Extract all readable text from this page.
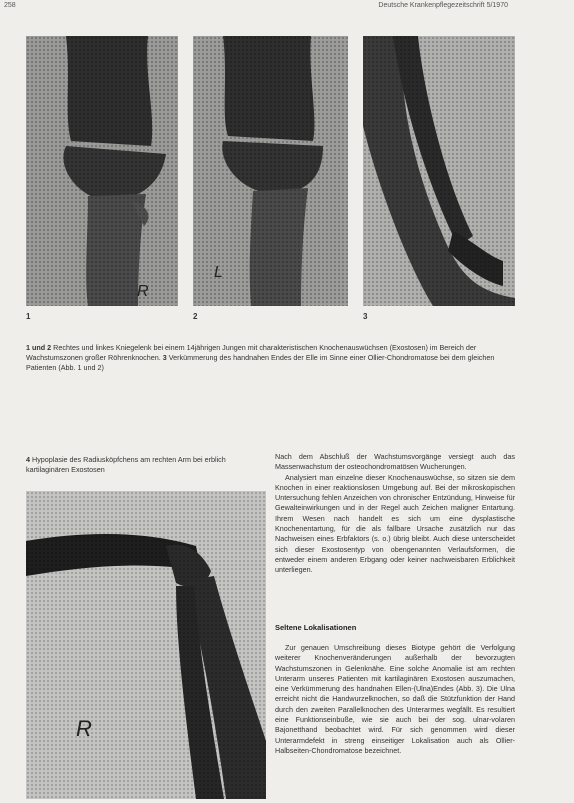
258	Deutsche Krankenpflegezeitschrift 5/1970
R
L
1	2	3
1 und 2 Rechtes und linkes Kniegelenk bei einem 14jährigen Jungen mit charakteristischen Knochenauswüchsen (Exostosen) im Bereich der Wachstumszonen großer Röhrenknochen. 3 Verkümmerung des handnahen Endes der Elle im Sinne einer Ollier-Chondromatose bei dem gleichen Patienten (Abb. 1 und 2)
4 Hypoplasie des Radiusköpfchens am rechten Arm bei erblich kartilaginären Exostosen
R

Nach dem Abschluß der Wachstumsvorgänge versiegt auch das Massenwachstum der osteochondromatösen Wucherungen.

Analysiert man einzelne dieser Knochenauswüchse, so sitzen sie dem Knochen in einer reaktionslosen Umgebung auf. Bei der mikroskopischen Untersuchung fehlen Anzeichen von chronischer Entzündung, Hinweise für Gewalteinwirkungen und in der Regel auch Zeichen maligner Entartung. Ihrem Wesen nach handelt es sich um eine dysplastische Knochenentartung, für die als fallbare Ursache zusätzlich nur das Nachweisen eines Erbfaktors (s. o.) übrig bleibt. Auch diese unterscheidet sich dieser Exostosentyp von obengenannten Verlaufsformen, die entweder einem anderen Erbgang oder keiner nachweisbaren Erblichkeit unterliegen.

Seltene Lokalisationen

Zur genauen Umschreibung dieses Biotype gehört die Verfolgung weiterer Knochenveränderungen außerhalb der bevorzugten Wachstumszonen in Gelenknähe. Eine solche Anomalie ist am rechten Unterarm unseres Patienten mit kartilaginären Exostosen auszumachen, eine Verkümmerung des handnahen Ellen-(Ulna)Endes (Abb. 3). Die Ulna erreicht nicht die Handwurzelknochen, so daß die Stützfunktion der Hand durch den zweiten Parallelknochen des Unterarmes wegfällt. Es resultiert eine Funktionseinbuße, wie sie auch bei der sog. ulnar-volaren Bajonetthand beobachtet wird. Für sich genommen wird dieser Unterarmdefekt in streng einseitiger Lokalisation auch als Ollier-Halbseiten-Chondromatose bezeichnet.
